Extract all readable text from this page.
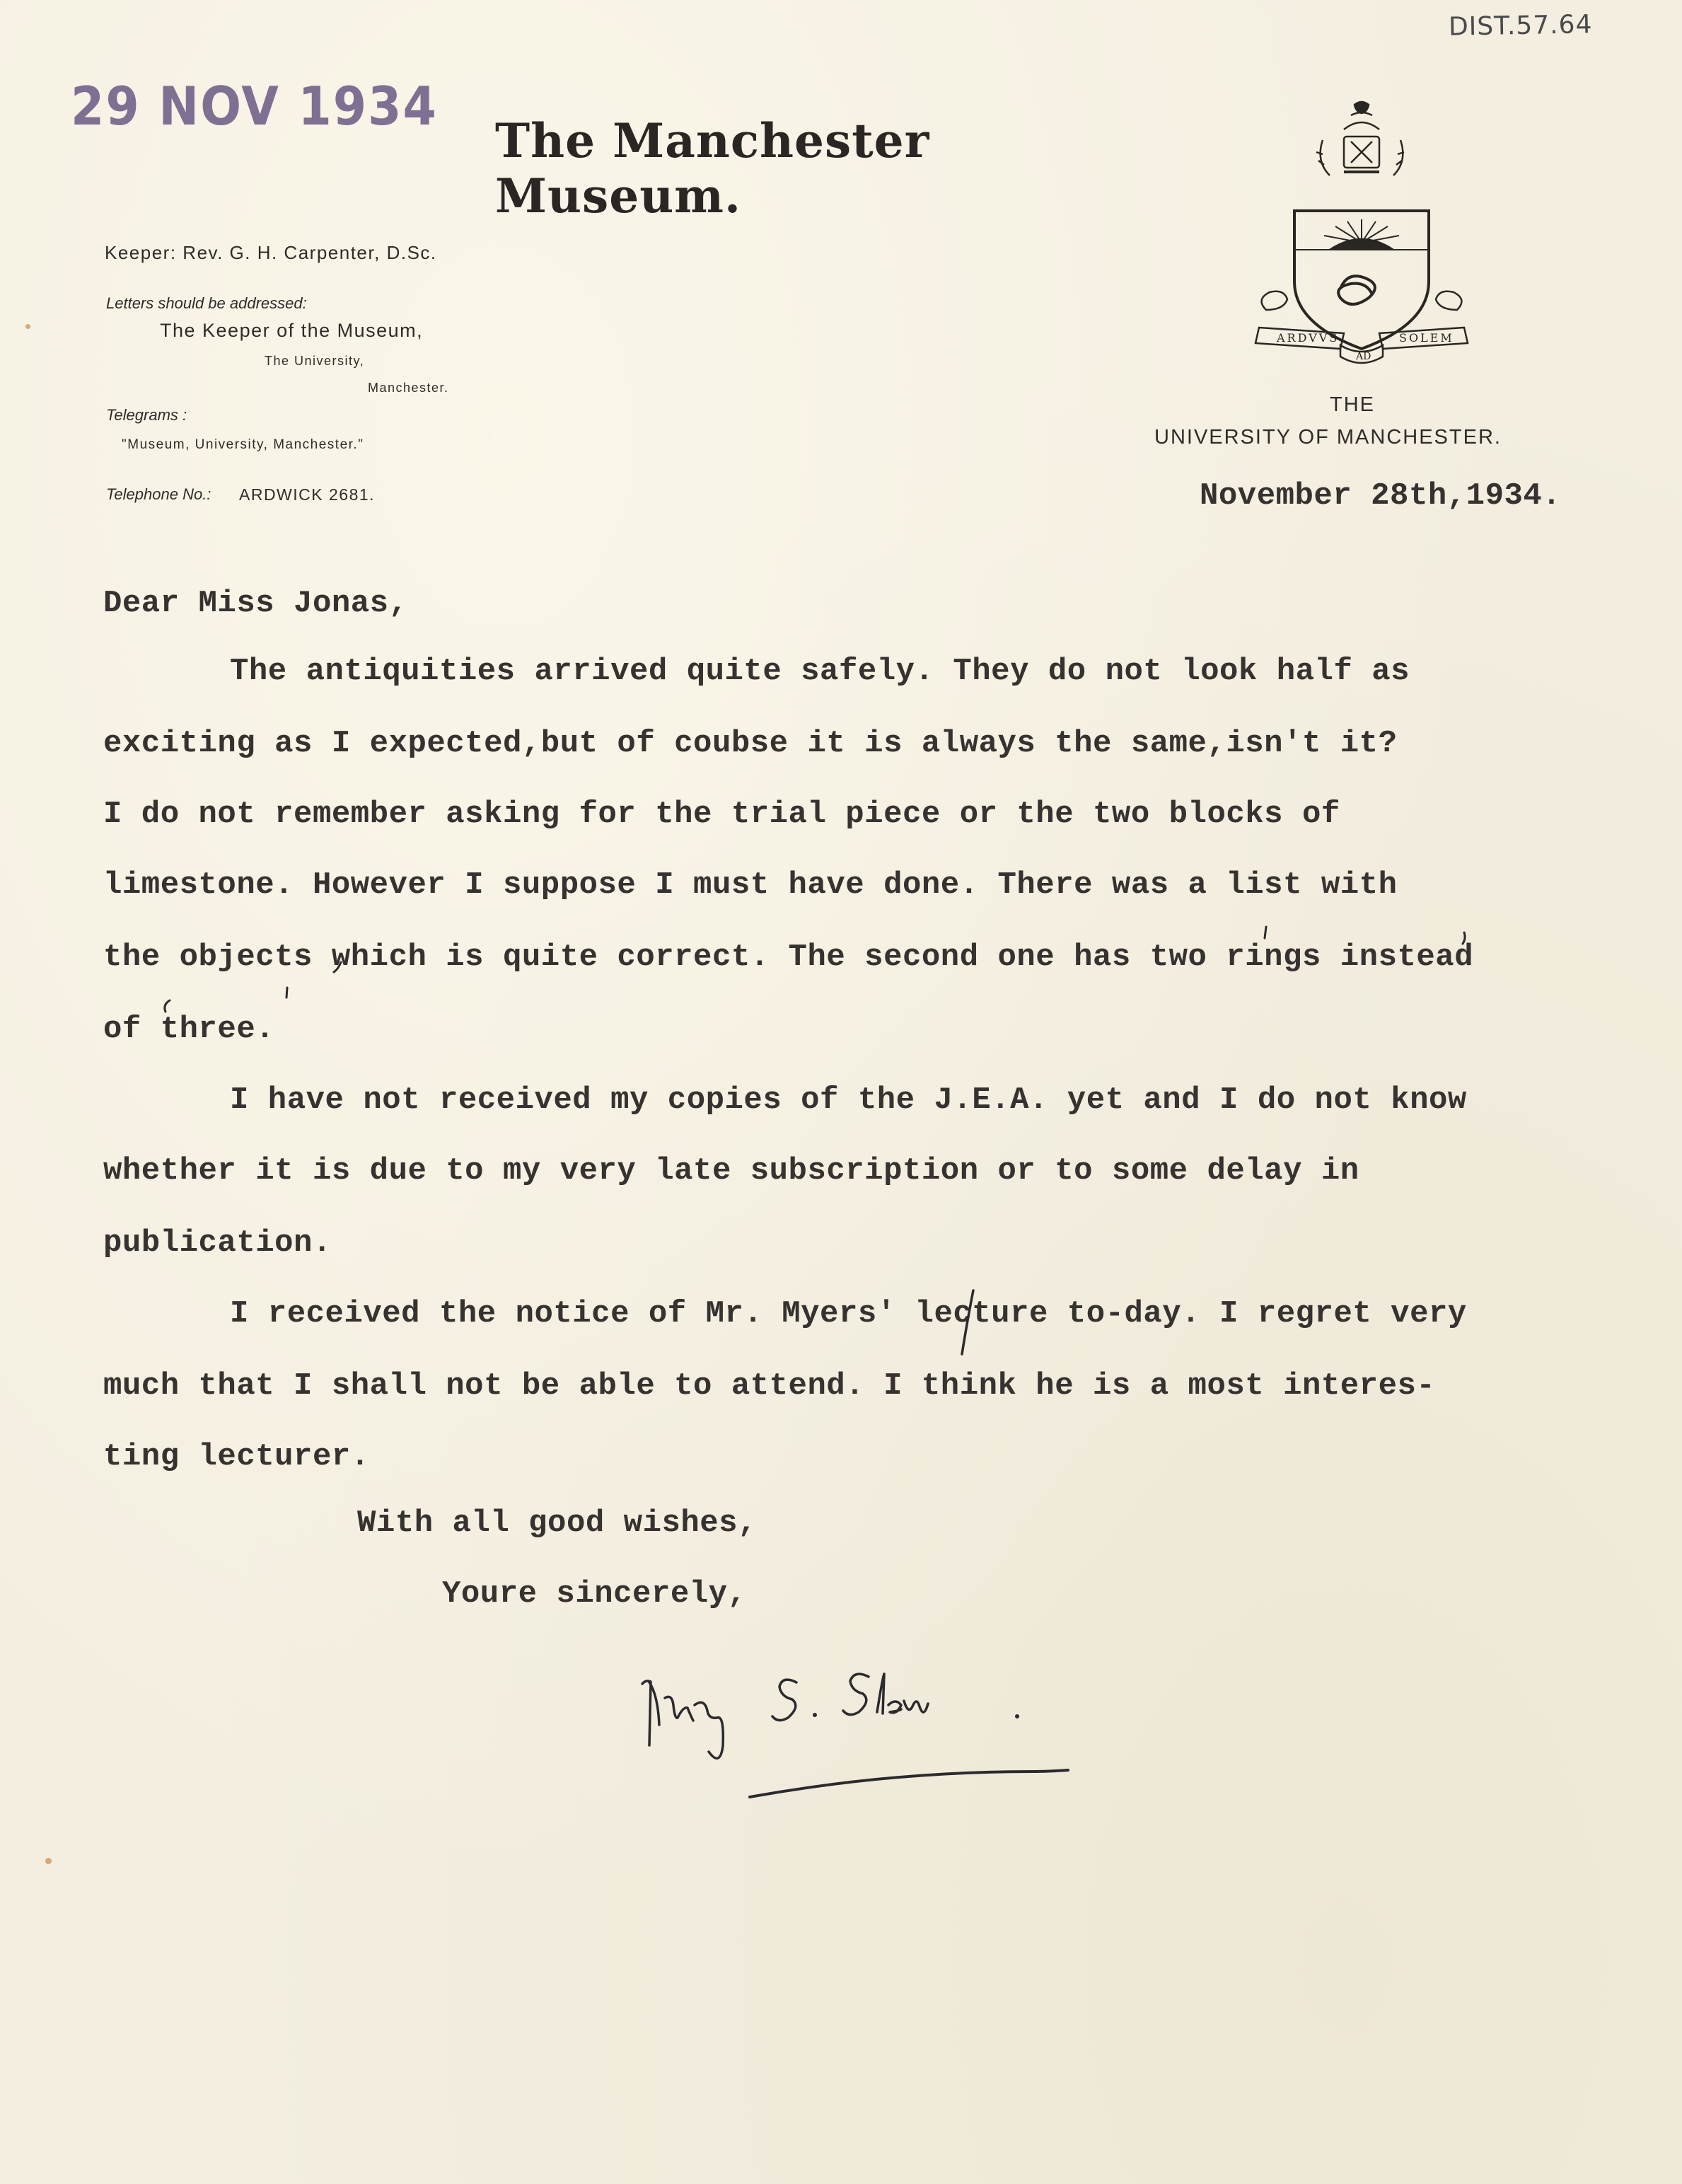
DIST.57.64
29 NOV 1934
The Manchester Museum.
Keeper: Rev. G. H. Carpenter, D.Sc.
Letters should be addressed:
The Keeper of the Museum,
The University,
Manchester.
Telegrams :
"Museum, University, Manchester."
Telephone No.: ARDWICK 2681.
ARDVVS
AD
SOLEM
THE
UNIVERSITY OF MANCHESTER.
November 28th,1934.
Dear Miss Jonas,
The antiquities arrived quite safely. They do not look half as
exciting as I expected,but of coubse it is always the same,isn't it?
I do not remember asking for the trial piece or the two blocks of
limestone. However I suppose I must have done. There was a list with
the objects which is quite correct. The second one has two rings instead
of three.
I have not received my copies of the J.E.A. yet and I do not know
whether it is due to my very late subscription or to some delay in
publication.
I received the notice of Mr. Myers' lecture to-day. I regret very
much that I shall not be able to attend. I think he is a most interes-
ting lecturer.
With all good wishes,
Youre sincerely,
